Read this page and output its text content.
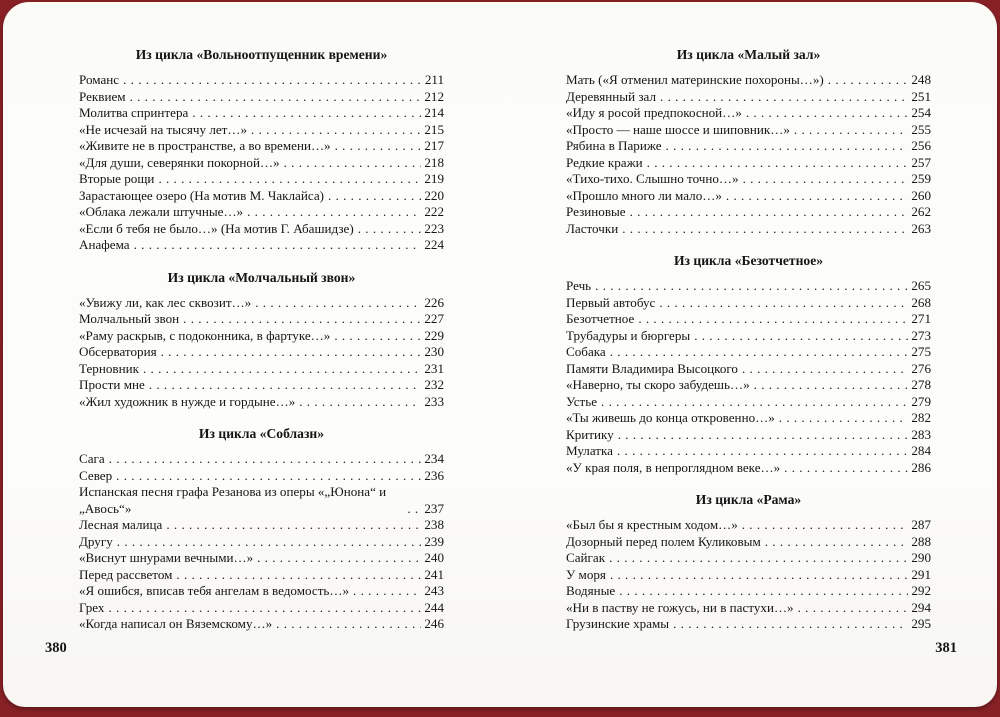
Из цикла «Вольноотпущенник времени»
Романс . . .	211
Реквием . . .	212
Молитва спринтера . . .	214
«Не исчезай на тысячу лет…» . . .	215
«Живите не в пространстве, а во времени…» . . .	217
«Для души, северянки покорной…» . . .	218
Вторые рощи . . .	219
Зарастающее озеро (На мотив М. Чаклайса) . . .	220
«Облака лежали штучные…» . . .	222
«Если б тебя не было…» (На мотив Г. Абашидзе) . . .	223
Анафема . . .	224
Из цикла «Молчальный звон»
«Увижу ли, как лес сквозит…» . . .	226
Молчальный звон . . .	227
«Раму раскрыв, с подоконника, в фартуке…» . . .	229
Обсерватория . . .	230
Терновник . . .	231
Прости мне . . .	232
«Жил художник в нужде и гордыне…» . . .	233
Из цикла «Соблазн»
Сага . . .	234
Север . . .	236
Испанская песня графа Резанова из оперы «„Юнона“ и „Авось“» . . .	237
Лесная малица . . .	238
Другу . . .	239
«Виснут шнурами вечными…» . . .	240
Перед рассветом . . .	241
«Я ошибся, вписав тебя ангелам в ведомость…» . . .	243
Грех . . .	244
«Когда написал он Вяземскому…» . . .	246
Из цикла «Малый зал»
Мать («Я отменил материнские похороны…») . . .	248
Деревянный зал . . .	251
«Иду я росой предпокосной…» . . .	254
«Просто — наше шоссе и шиповник…» . . .	255
Рябина в Париже . . .	256
Редкие кражи . . .	257
«Тихо-тихо. Слышно точно…» . . .	259
«Прошло много ли мало…» . . .	260
Резиновые . . .	262
Ласточки . . .	263
Из цикла «Безотчетное»
Речь . . .	265
Первый автобус . . .	268
Безотчетное . . .	271
Трубадуры и бюргеры . . .	273
Собака . . .	275
Памяти Владимира Высоцкого . . .	276
«Наверно, ты скоро забудешь…» . . .	278
Устье . . .	279
«Ты живешь до конца откровенно…» . . .	282
Критику . . .	283
Мулатка . . .	284
«У края поля, в непроглядном веке…» . . .	286
Из цикла «Рама»
«Был бы я крестным ходом…» . . .	287
Дозорный перед полем Куликовым . . .	288
Сайгак . . .	290
У моря . . .	291
Водяные . . .	292
«Ни в паству не гожусь, ни в пастухи…» . . .	294
Грузинские храмы . . .	295
380	381
